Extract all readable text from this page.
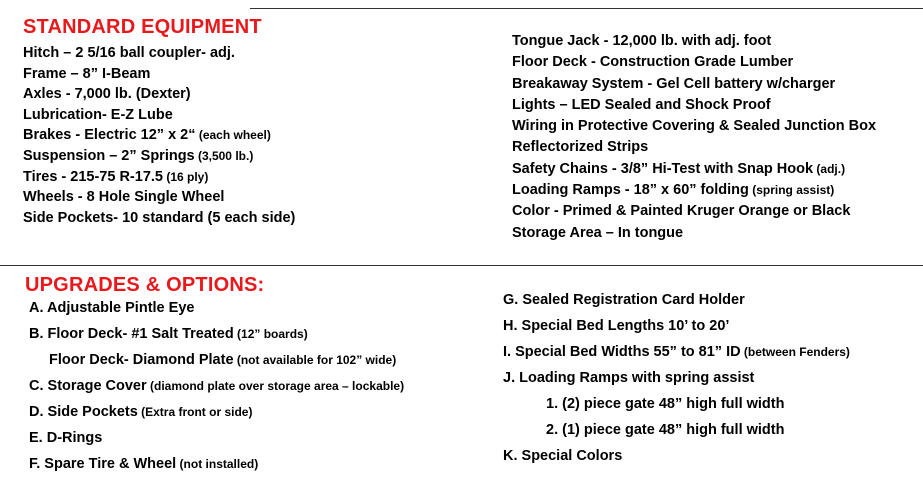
STANDARD EQUIPMENT
Hitch – 2 5/16 ball coupler- adj.
Frame – 8” I-Beam
Axles - 7,000 lb. (Dexter)
Lubrication- E-Z Lube
Brakes - Electric 12” x 2“ (each wheel)
Suspension – 2” Springs (3,500 lb.)
Tires - 215-75 R-17.5 (16 ply)
Wheels - 8 Hole Single Wheel
Side Pockets- 10 standard (5 each side)
Tongue Jack - 12,000 lb. with adj. foot
Floor Deck - Construction Grade Lumber
Breakaway System - Gel Cell battery w/charger
Lights – LED Sealed and Shock Proof
Wiring in Protective Covering & Sealed Junction Box
Reflectorized Strips
Safety Chains - 3/8” Hi-Test with Snap Hook (adj.)
Loading Ramps - 18” x 60” folding (spring assist)
Color - Primed & Painted Kruger Orange or Black
Storage Area – In tongue
UPGRADES & OPTIONS:
A. Adjustable Pintle Eye
B. Floor Deck- #1 Salt Treated (12” boards)
Floor Deck- Diamond Plate (not available for 102” wide)
C. Storage Cover (diamond plate over storage area – lockable)
D. Side Pockets (Extra front or side)
E. D-Rings
F. Spare Tire & Wheel (not installed)
G. Sealed Registration Card Holder
H. Special Bed Lengths 10’ to 20’
I. Special Bed Widths 55” to 81” ID (between Fenders)
J. Loading Ramps with spring assist
1. (2) piece gate 48” high full width
2. (1) piece gate 48” high full width
K. Special Colors
